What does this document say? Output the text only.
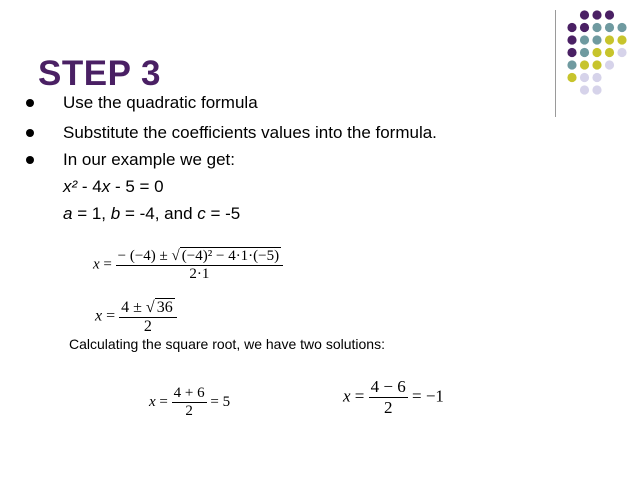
STEP 3
Use the quadratic formula
Substitute the coefficients values into the formula.
In our example we get:
x² - 4x - 5 = 0
a = 1, b = -4, and c = -5
$x = \frac{\text{− (−4) ± √ (−4)² − 4·1·(−5)}}{2\cdot 1}$
$x = \frac{4 \pm √ 36}{2}$
Calculating the square root, we have two solutions:
$x = \frac{4 + 6}{2} = 5$	$x = \frac{4 - 6}{2} = -1$
